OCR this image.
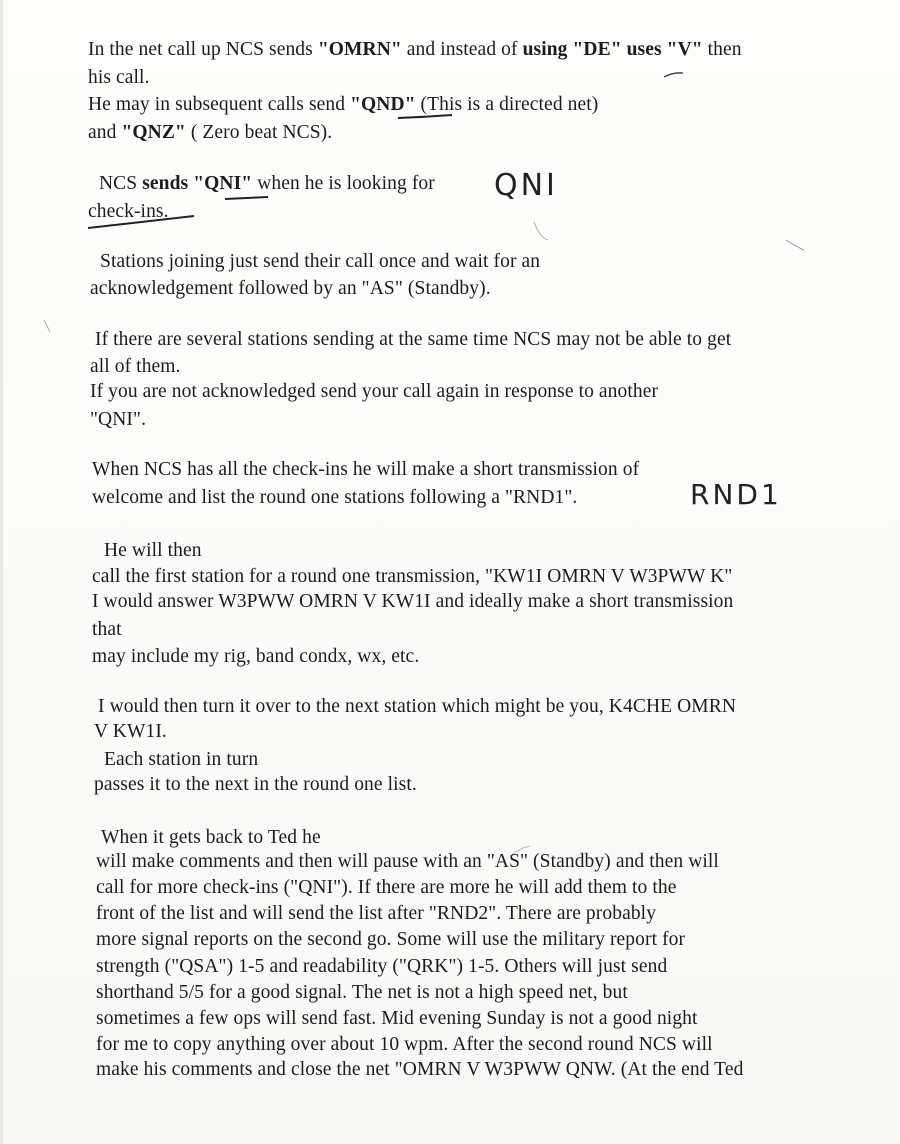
In the net call up NCS sends "OMRN" and instead of using "DE" uses "V" then
his call.
He may in subsequent calls send "QND" (This is a directed net)
and "QNZ" ( Zero beat NCS).
NCS sends "QNI" when he is looking for
check-ins.
QNI
Stations joining just send their call once and wait for an
acknowledgement followed by an "AS" (Standby).
If there are several stations sending at the same time NCS may not be able to get
all of them.
If you are not acknowledged send your call again in response to another
"QNI".
When NCS has all the check-ins he will make a short transmission of
welcome and list the round one stations following a "RND1".	RND1
He will then
call the first station for a round one transmission, "KW1I OMRN V W3PWW K"
I would answer W3PWW OMRN V KW1I and ideally make a short transmission
that
may include my rig, band condx, wx, etc.
I would then turn it over to the next station which might be you, K4CHE OMRN
V KW1I.
Each station in turn
passes it to the next in the round one list.
When it gets back to Ted he
will make comments and then will pause with an "AS" (Standby) and then will
call for more check-ins ("QNI"). If there are more he will add them to the
front of the list and will send the list after "RND2". There are probably
more signal reports on the second go. Some will use the military report for
strength ("QSA") 1-5 and readability ("QRK") 1-5. Others will just send
shorthand 5/5 for a good signal. The net is not a high speed net, but
sometimes a few ops will send fast. Mid evening Sunday is not a good night
for me to copy anything over about 10 wpm. After the second round NCS will
make his comments and close the net "OMRN V W3PWW QNW. (At the end Ted
